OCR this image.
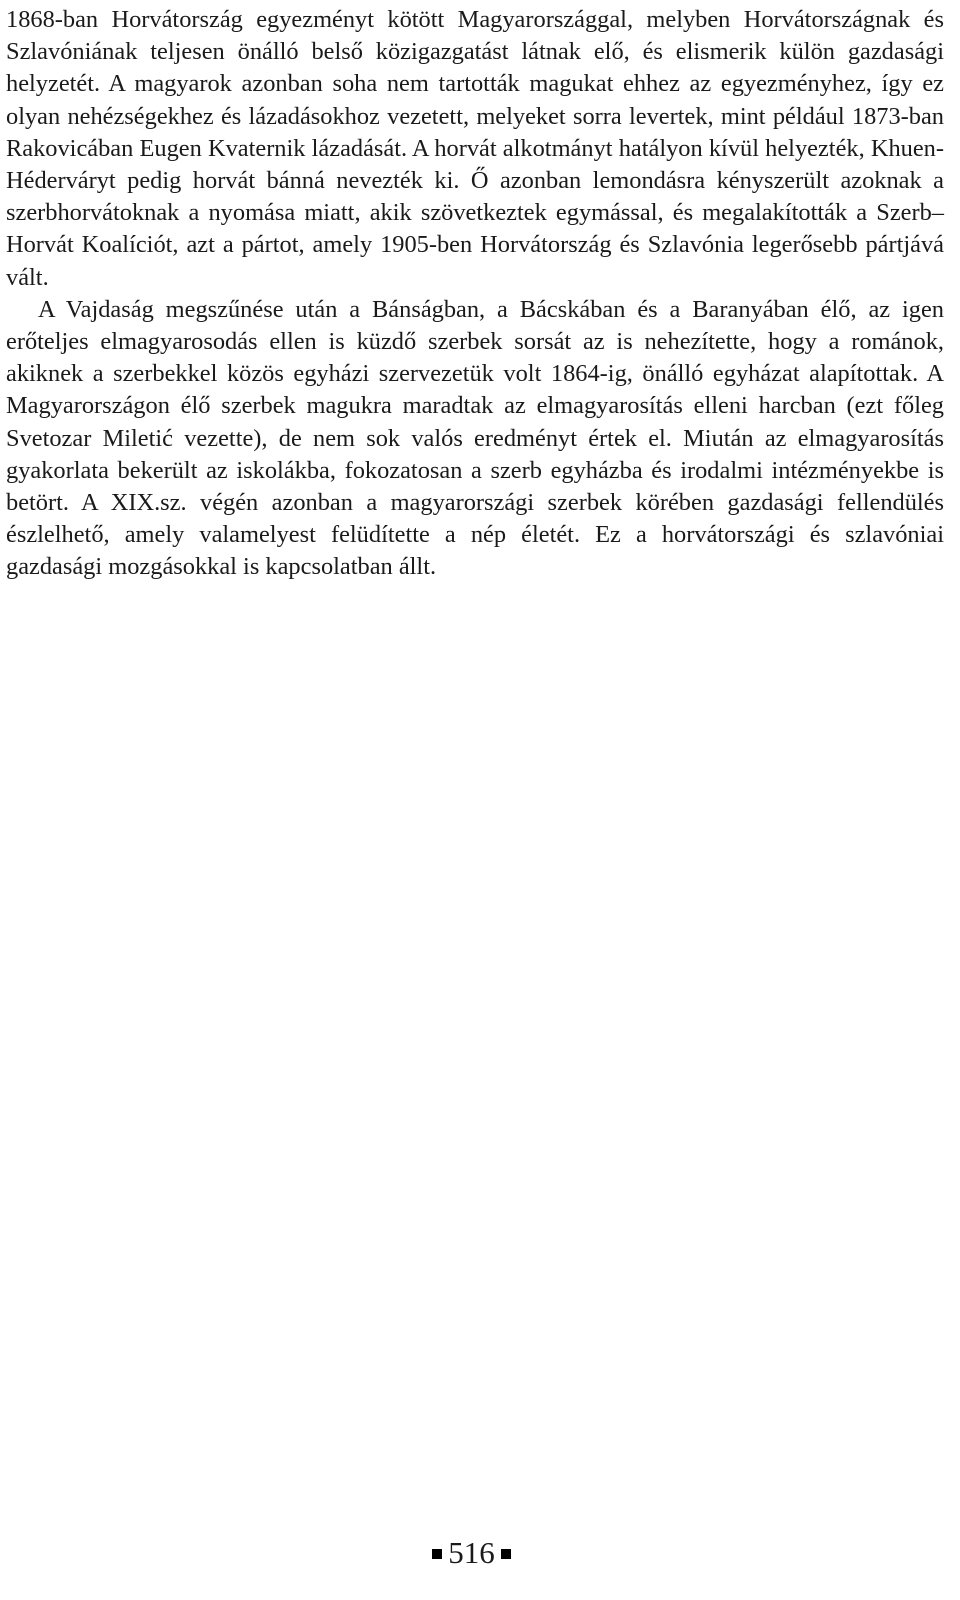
1868-ban Horvátország egyezményt kötött Magyarországgal, melyben Horvátországnak és Szlavóniának teljesen önálló belső közigazgatást látnak elő, és elismerik külön gazdasági helyzetét. A magyarok azonban soha nem tartották magukat ehhez az egyezményhez, így ez olyan nehézségekhez és lázadásokhoz vezetett, melyeket sorra levertek, mint például 1873-ban Rakovicában Eugen Kvaternik lázadását. A horvát alkotmányt hatályon kívül helyezték, Khuen-Héderváryt pedig horvát bánná nevezték ki. Ő azonban lemondásra kényszerült azoknak a szerbhorvátoknak a nyomása miatt, akik szövetkeztek egymással, és megalakították a Szerb–Horvát Koalíciót, azt a pártot, amely 1905-ben Horvátország és Szlavónia legerősebb pártjává vált.

A Vajdaság megszűnése után a Bánságban, a Bácskában és a Baranyában élő, az igen erőteljes elmagyarosodás ellen is küzdő szerbek sorsát az is nehezítette, hogy a románok, akiknek a szerbekkel közös egyházi szervezetük volt 1864-ig, önálló egyházat alapítottak. A Magyarországon élő szerbek magukra maradtak az elmagyarosítás elleni harcban (ezt főleg Svetozar Miletić vezette), de nem sok valós eredményt értek el. Miután az elmagyarosítás gyakorlata bekerült az iskolákba, fokozatosan a szerb egyházba és irodalmi intézményekbe is betört. A XIX.sz. végén azonban a magyarországi szerbek körében gazdasági fellendülés észlelhető, amely valamelyest felüdítette a nép életét. Ez a horvátországi és szlavóniai gazdasági mozgásokkal is kapcsolatban állt.

516
